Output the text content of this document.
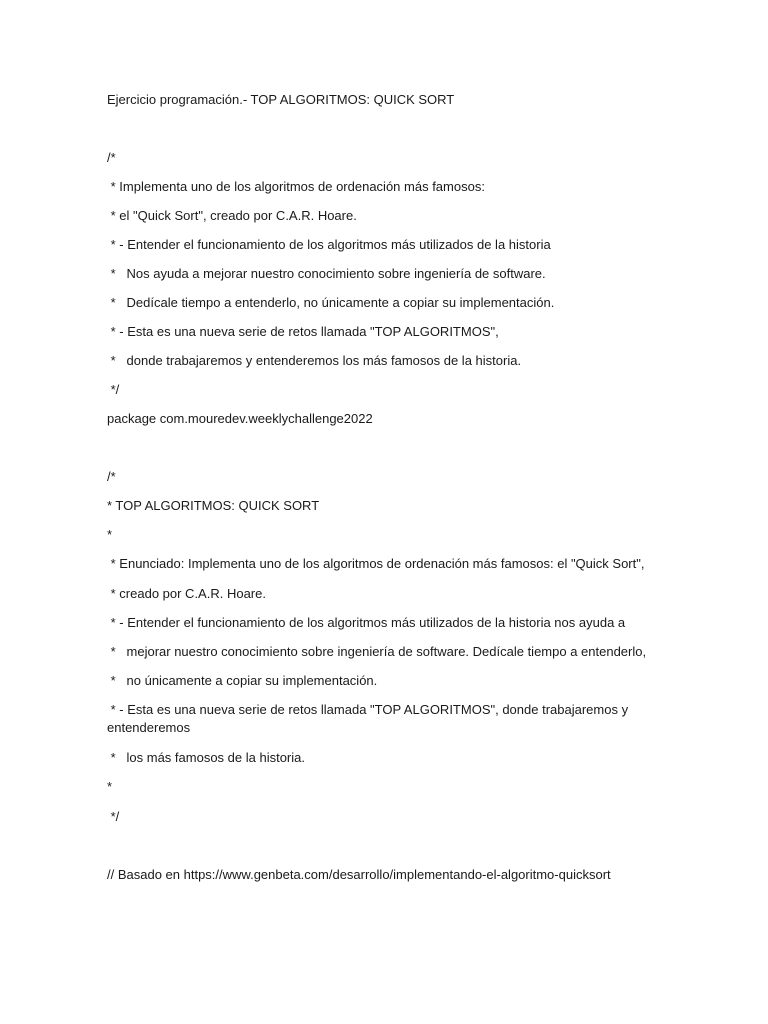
Ejercicio programación.- TOP ALGORITMOS: QUICK SORT
/*
* Implementa uno de los algoritmos de ordenación más famosos:
* el "Quick Sort", creado por C.A.R. Hoare.
* - Entender el funcionamiento de los algoritmos más utilizados de la historia
*   Nos ayuda a mejorar nuestro conocimiento sobre ingeniería de software.
*   Dedícale tiempo a entenderlo, no únicamente a copiar su implementación.
* - Esta es una nueva serie de retos llamada "TOP ALGORITMOS",
*   donde trabajaremos y entenderemos los más famosos de la historia.
*/
package com.mouredev.weeklychallenge2022
/*
* TOP ALGORITMOS: QUICK SORT
*
* Enunciado: Implementa uno de los algoritmos de ordenación más famosos: el "Quick Sort",
* creado por C.A.R. Hoare.
* - Entender el funcionamiento de los algoritmos más utilizados de la historia nos ayuda a
*   mejorar nuestro conocimiento sobre ingeniería de software. Dedícale tiempo a entenderlo,
*   no únicamente a copiar su implementación.
* - Esta es una nueva serie de retos llamada "TOP ALGORITMOS", donde trabajaremos y
entenderemos
*   los más famosos de la historia.
*
*/
// Basado en https://www.genbeta.com/desarrollo/implementando-el-algoritmo-quicksort
